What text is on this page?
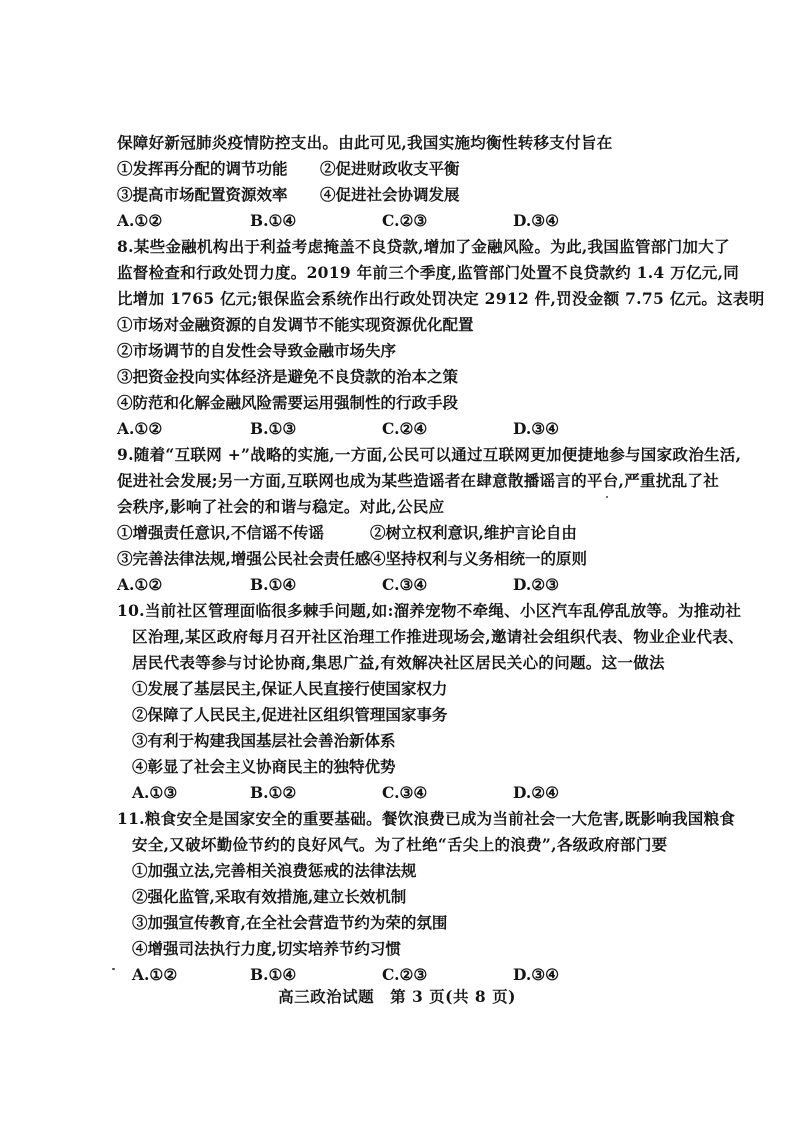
保障好新冠肺炎疫情防控支出。由此可见,我国实施均衡性转移支付旨在
①发挥再分配的调节功能 ②促进财政收支平衡
③提高市场配置资源效率 ④促进社会协调发展
A.①②	B.①④	C.②③	D.③④
8.某些金融机构出于利益考虑掩盖不良贷款,增加了金融风险。为此,我国监管部门加大了
监督检查和行政处罚力度。2019 年前三个季度,监管部门处置不良贷款约 1.4 万亿元,同
比增加 1765 亿元;银保监会系统作出行政处罚决定 2912 件,罚没金额 7.75 亿元。这表明
①市场对金融资源的自发调节不能实现资源优化配置
②市场调节的自发性会导致金融市场失序
③把资金投向实体经济是避免不良贷款的治本之策
④防范和化解金融风险需要运用强制性的行政手段
A.①②	B.①③	C.②④	D.③④
9.随着“互联网 +”战略的实施,一方面,公民可以通过互联网更加便捷地参与国家政治生活,
促进社会发展;另一方面,互联网也成为某些造谣者在肆意散播谣言的平台,严重扰乱了社
会秩序,影响了社会的和谐与稳定。对此,公民应
①增强责任意识,不信谣不传谣	②树立权利意识,维护言论自由
③完善法律法规,增强公民社会责任感 ④坚持权利与义务相统一的原则
A.①②	B.①④	C.③④	D.②③
10.当前社区管理面临很多棘手问题,如:溜养宠物不牵绳、小区汽车乱停乱放等。为推动社
区治理,某区政府每月召开社区治理工作推进现场会,邀请社会组织代表、物业企业代表、
居民代表等参与讨论协商,集思广益,有效解决社区居民关心的问题。这一做法
①发展了基层民主,保证人民直接行使国家权力
②保障了人民民主,促进社区组织管理国家事务
③有利于构建我国基层社会善治新体系
④彰显了社会主义协商民主的独特优势
A.①③	B.①②	C.③④	D.②④
11.粮食安全是国家安全的重要基础。餐饮浪费已成为当前社会一大危害,既影响我国粮食
安全,又破坏勤俭节约的良好风气。为了杜绝“舌尖上的浪费”,各级政府部门要
①加强立法,完善相关浪费惩戒的法律法规
②强化监管,采取有效措施,建立长效机制
③加强宣传教育,在全社会营造节约为荣的氛围
④增强司法执行力度,切实培养节约习惯
A.①②	B.①④	C.②③	D.③④
高三政治试题　第 3 页(共 8 页)
